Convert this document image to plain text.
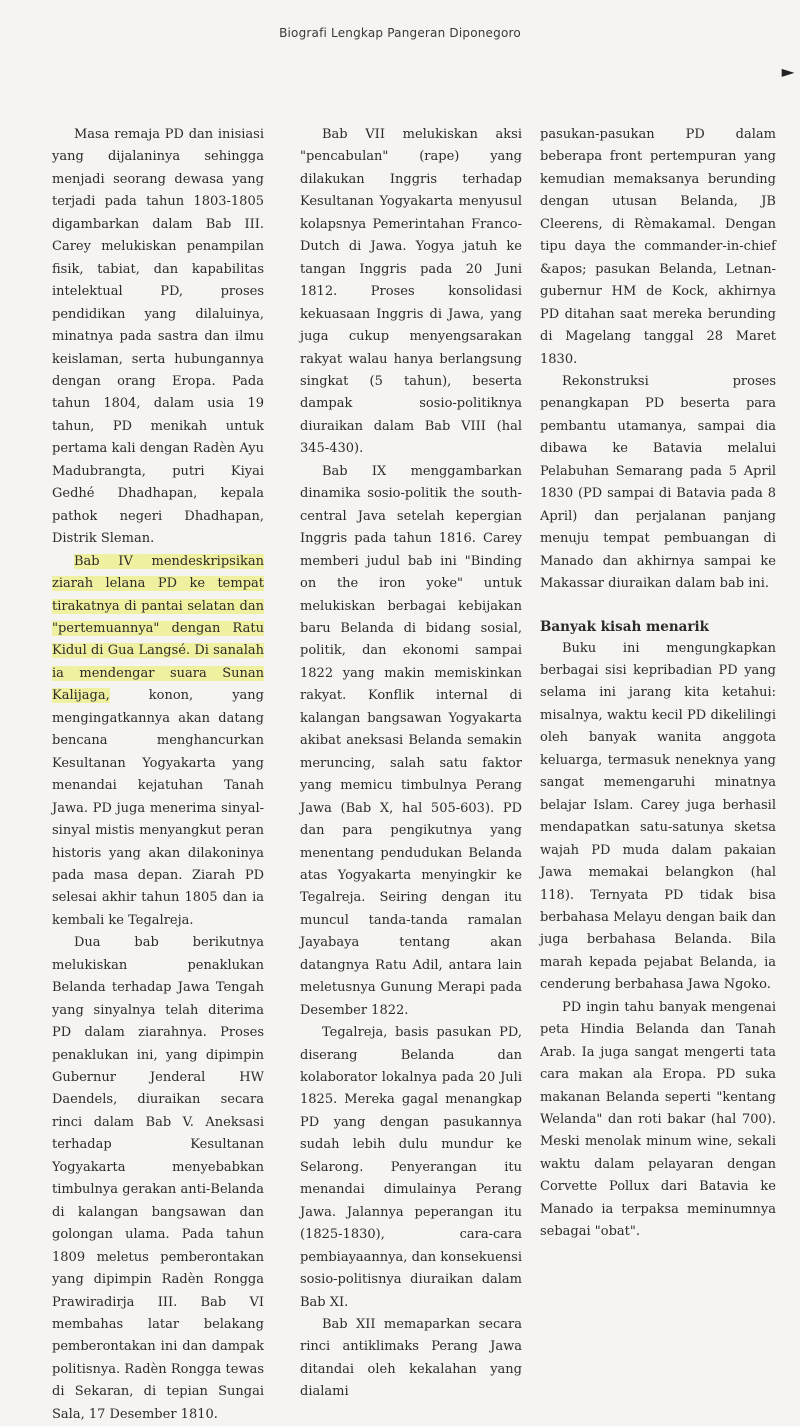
Biografi Lengkap Pangeran Diponegoro
▸

Masa remaja PD dan inisiasi yang dijalaninya sehingga menjadi seorang dewasa yang terjadi pada tahun 1803-1805 digambarkan dalam Bab III. Carey melukiskan penampilan fisik, tabiat, dan kapabilitas intelektual PD, proses pendidikan yang dilaluinya, minatnya pada sastra dan ilmu keislaman, serta hubungannya dengan orang Eropa. Pada tahun 1804, dalam usia 19 tahun, PD menikah untuk pertama kali dengan Radèn Ayu Madubrangta, putri Kiyai Gedhé Dhadhapan, kepala pathok negeri Dhadhapan, Distrik Sleman.

Bab IV mendeskripsikan ziarah lelana PD ke tempat tirakatnya di pantai selatan dan "pertemuannya" dengan Ratu Kidul di Gua Langsé. Di sanalah ia mendengar suara Sunan Kalijaga, konon, yang mengingatkannya akan datang bencana menghancurkan Kesultanan Yogyakarta yang menandai kejatuhan Tanah Jawa. PD juga menerima sinyal-sinyal mistis menyangkut peran historis yang akan dilakoninya pada masa depan. Ziarah PD selesai akhir tahun 1805 dan ia kembali ke Tegalreja.

Dua bab berikutnya melukiskan penaklukan Belanda terhadap Jawa Tengah yang sinyalnya telah diterima PD dalam ziarahnya. Proses penaklukan ini, yang dipimpin Gubernur Jenderal HW Daendels, diuraikan secara rinci dalam Bab V. Aneksasi terhadap Kesultanan Yogyakarta menyebabkan timbulnya gerakan anti-Belanda di kalangan bangsawan dan golongan ulama. Pada tahun 1809 meletus pemberontakan yang dipimpin Radèn Rongga Prawiradirja III. Bab VI membahas latar belakang pemberontakan ini dan dampak politisnya. Radèn Rongga tewas di Sekaran, di tepian Sungai Sala, 17 Desember 1810.

Bab VII melukiskan aksi "pencabulan" (rape) yang dilakukan Inggris terhadap Kesultanan Yogyakarta menyusul kolapsnya Pemerintahan Franco-Dutch di Jawa. Yogya jatuh ke tangan Inggris pada 20 Juni 1812. Proses konsolidasi kekuasaan Inggris di Jawa, yang juga cukup menyengsarakan rakyat walau hanya berlangsung singkat (5 tahun), beserta dampak sosio-politiknya diuraikan dalam Bab VIII (hal 345-430).

Bab IX menggambarkan dinamika sosio-politik the south-central Java setelah kepergian Inggris pada tahun 1816. Carey memberi judul bab ini "Binding on the iron yoke" untuk melukiskan berbagai kebijakan baru Belanda di bidang sosial, politik, dan ekonomi sampai 1822 yang makin memiskinkan rakyat. Konflik internal di kalangan bangsawan Yogyakarta akibat aneksasi Belanda semakin meruncing, salah satu faktor yang memicu timbulnya Perang Jawa (Bab X, hal 505-603). PD dan para pengikutnya yang menentang pendudukan Belanda atas Yogyakarta menyingkir ke Tegalreja. Seiring dengan itu muncul tanda-tanda ramalan Jayabaya tentang akan datangnya Ratu Adil, antara lain meletusnya Gunung Merapi pada Desember 1822.

Tegalreja, basis pasukan PD, diserang Belanda dan kolaborator lokalnya pada 20 Juli 1825. Mereka gagal menangkap PD yang dengan pasukannya sudah lebih dulu mundur ke Selarong. Penyerangan itu menandai dimulainya Perang Jawa. Jalannya peperangan itu (1825-1830), cara-cara pembiayaannya, dan konsekuensi sosio-politisnya diuraikan dalam Bab XI.

Bab XII memaparkan secara rinci antiklimaks Perang Jawa ditandai oleh kekalahan yang dialami

pasukan-pasukan PD dalam beberapa front pertempuran yang kemudian memaksanya berunding dengan utusan Belanda, JB Cleerens, di Rèmakamal. Dengan tipu daya the commander-in-chief &apos; pasukan Belanda, Letnan-gubernur HM de Kock, akhirnya PD ditahan saat mereka berunding di Magelang tanggal 28 Maret 1830.

Rekonstruksi proses penangkapan PD beserta para pembantu utamanya, sampai dia dibawa ke Batavia melalui Pelabuhan Semarang pada 5 April 1830 (PD sampai di Batavia pada 8 April) dan perjalanan panjang menuju tempat pembuangan di Manado dan akhirnya sampai ke Makassar diuraikan dalam bab ini.

Banyak kisah menarik

Buku ini mengungkapkan berbagai sisi kepribadian PD yang selama ini jarang kita ketahui: misalnya, waktu kecil PD dikelilingi oleh banyak wanita anggota keluarga, termasuk neneknya yang sangat memengaruhi minatnya belajar Islam. Carey juga berhasil mendapatkan satu-satunya sketsa wajah PD muda dalam pakaian Jawa memakai belangkon (hal 118). Ternyata PD tidak bisa berbahasa Melayu dengan baik dan juga berbahasa Belanda. Bila marah kepada pejabat Belanda, ia cenderung berbahasa Jawa Ngoko.

PD ingin tahu banyak mengenai peta Hindia Belanda dan Tanah Arab. Ia juga sangat mengerti tata cara makan ala Eropa. PD suka makanan Belanda seperti "kentang Welanda" dan roti bakar (hal 700). Meski menolak minum wine, sekali waktu dalam pelayaran dengan Corvette Pollux dari Batavia ke Manado ia terpaksa meminumnya sebagai "obat".
